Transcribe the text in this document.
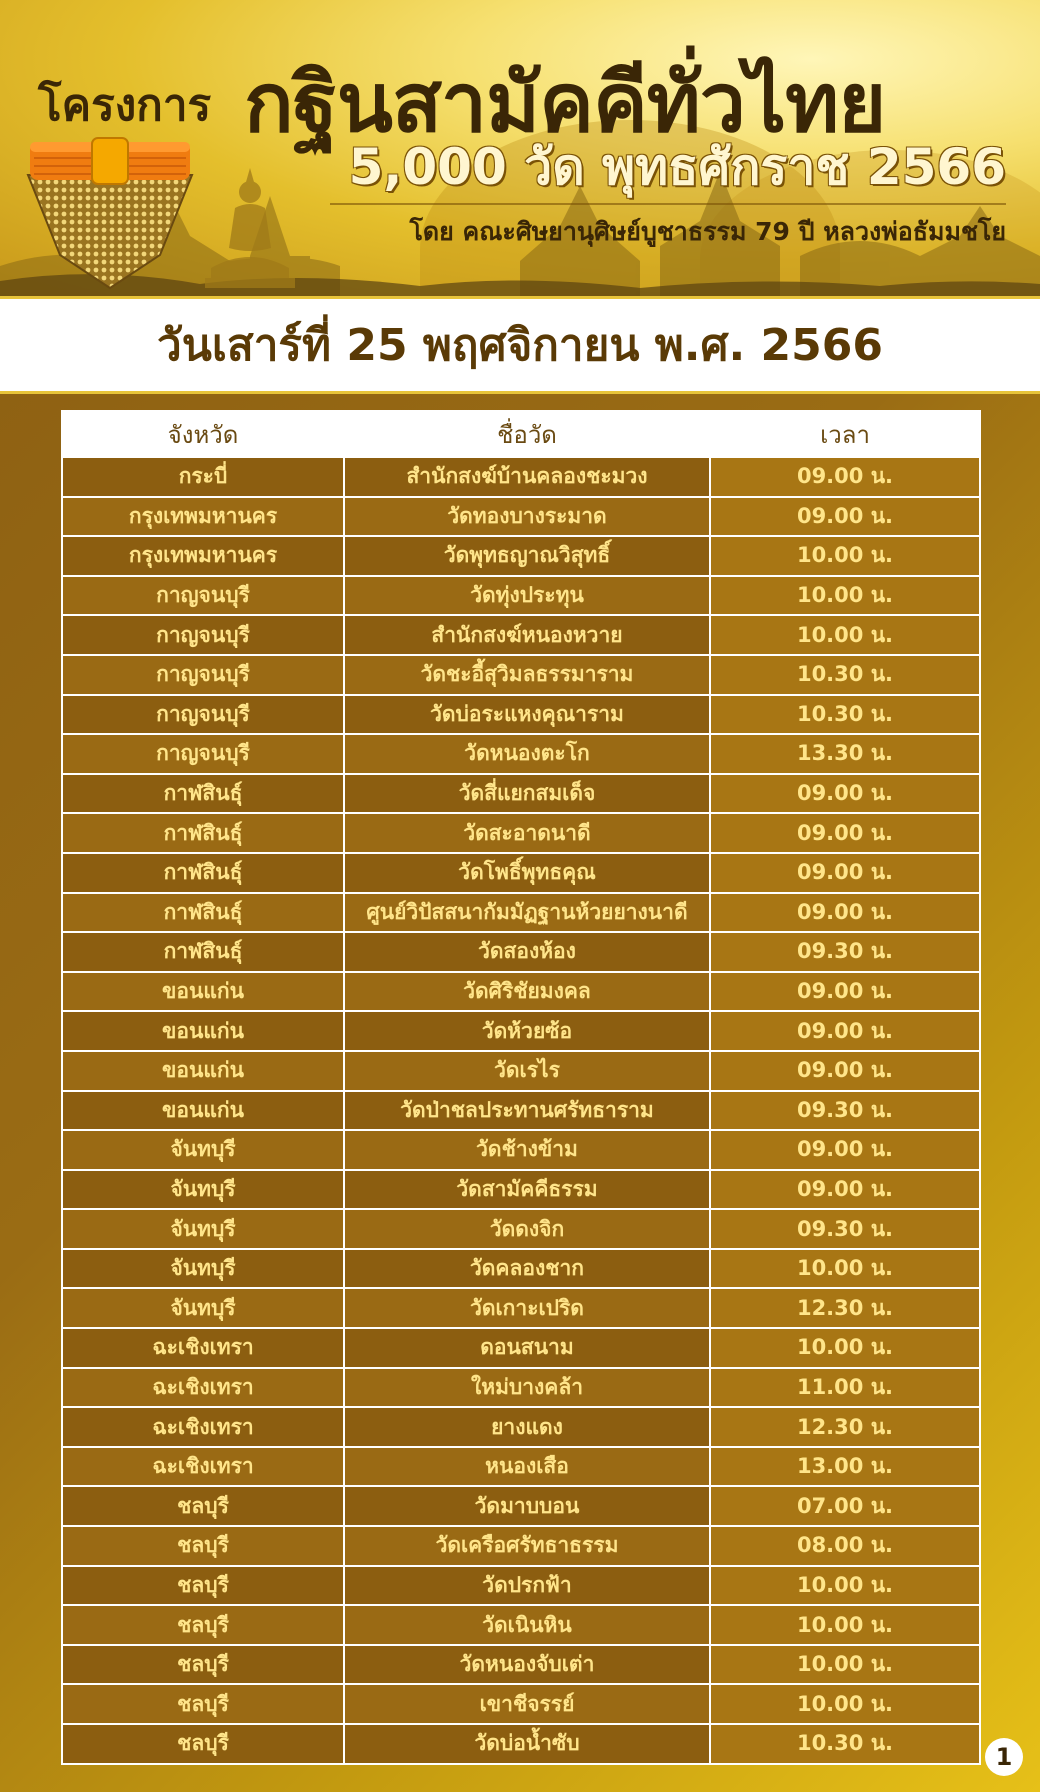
โครงการ กฐินสามัคคีทั่วไทย
5,000 วัด พุทธศักราช 2566
โดย คณะศิษยานุศิษย์บูชาธรรม 79 ปี หลวงพ่อธัมมชโย
วันเสาร์ที่ 25 พฤศจิกายน พ.ศ. 2566
จังหวัด	ชื่อวัด	เวลา
กระบี่	สำนักสงฆ์บ้านคลองชะมวง	09.00 น.
กรุงเทพมหานคร	วัดทองบางระมาด	09.00 น.
กรุงเทพมหานคร	วัดพุทธญาณวิสุทธิ์	10.00 น.
กาญจนบุรี	วัดทุ่งประทุน	10.00 น.
กาญจนบุรี	สำนักสงฆ์หนองหวาย	10.00 น.
กาญจนบุรี	วัดชะอี้สุวิมลธรรมาราม	10.30 น.
กาญจนบุรี	วัดบ่อระแหงคุณาราม	10.30 น.
กาญจนบุรี	วัดหนองตะโก	13.30 น.
กาฬสินธุ์	วัดสี่แยกสมเด็จ	09.00 น.
กาฬสินธุ์	วัดสะอาดนาดี	09.00 น.
กาฬสินธุ์	วัดโพธิ์พุทธคุณ	09.00 น.
กาฬสินธุ์	ศูนย์วิปัสสนากัมมัฏฐานห้วยยางนาดี	09.00 น.
กาฬสินธุ์	วัดสองห้อง	09.30 น.
ขอนแก่น	วัดศิริชัยมงคล	09.00 น.
ขอนแก่น	วัดห้วยซ้อ	09.00 น.
ขอนแก่น	วัดเรไร	09.00 น.
ขอนแก่น	วัดป่าชลประทานศรัทธาราม	09.30 น.
จันทบุรี	วัดช้างข้าม	09.00 น.
จันทบุรี	วัดสามัคคีธรรม	09.00 น.
จันทบุรี	วัดดงจิก	09.30 น.
จันทบุรี	วัดคลองชาก	10.00 น.
จันทบุรี	วัดเกาะเปริด	12.30 น.
ฉะเชิงเทรา	ดอนสนาม	10.00 น.
ฉะเชิงเทรา	ใหม่บางคล้า	11.00 น.
ฉะเชิงเทรา	ยางแดง	12.30 น.
ฉะเชิงเทรา	หนองเสือ	13.00 น.
ชลบุรี	วัดมาบบอน	07.00 น.
ชลบุรี	วัดเครือศรัทธาธรรม	08.00 น.
ชลบุรี	วัดปรกฟ้า	10.00 น.
ชลบุรี	วัดเนินหิน	10.00 น.
ชลบุรี	วัดหนองจับเต่า	10.00 น.
ชลบุรี	เขาชีจรรย์	10.00 น.
ชลบุรี	วัดบ่อน้ำซับ	10.30 น.	1
